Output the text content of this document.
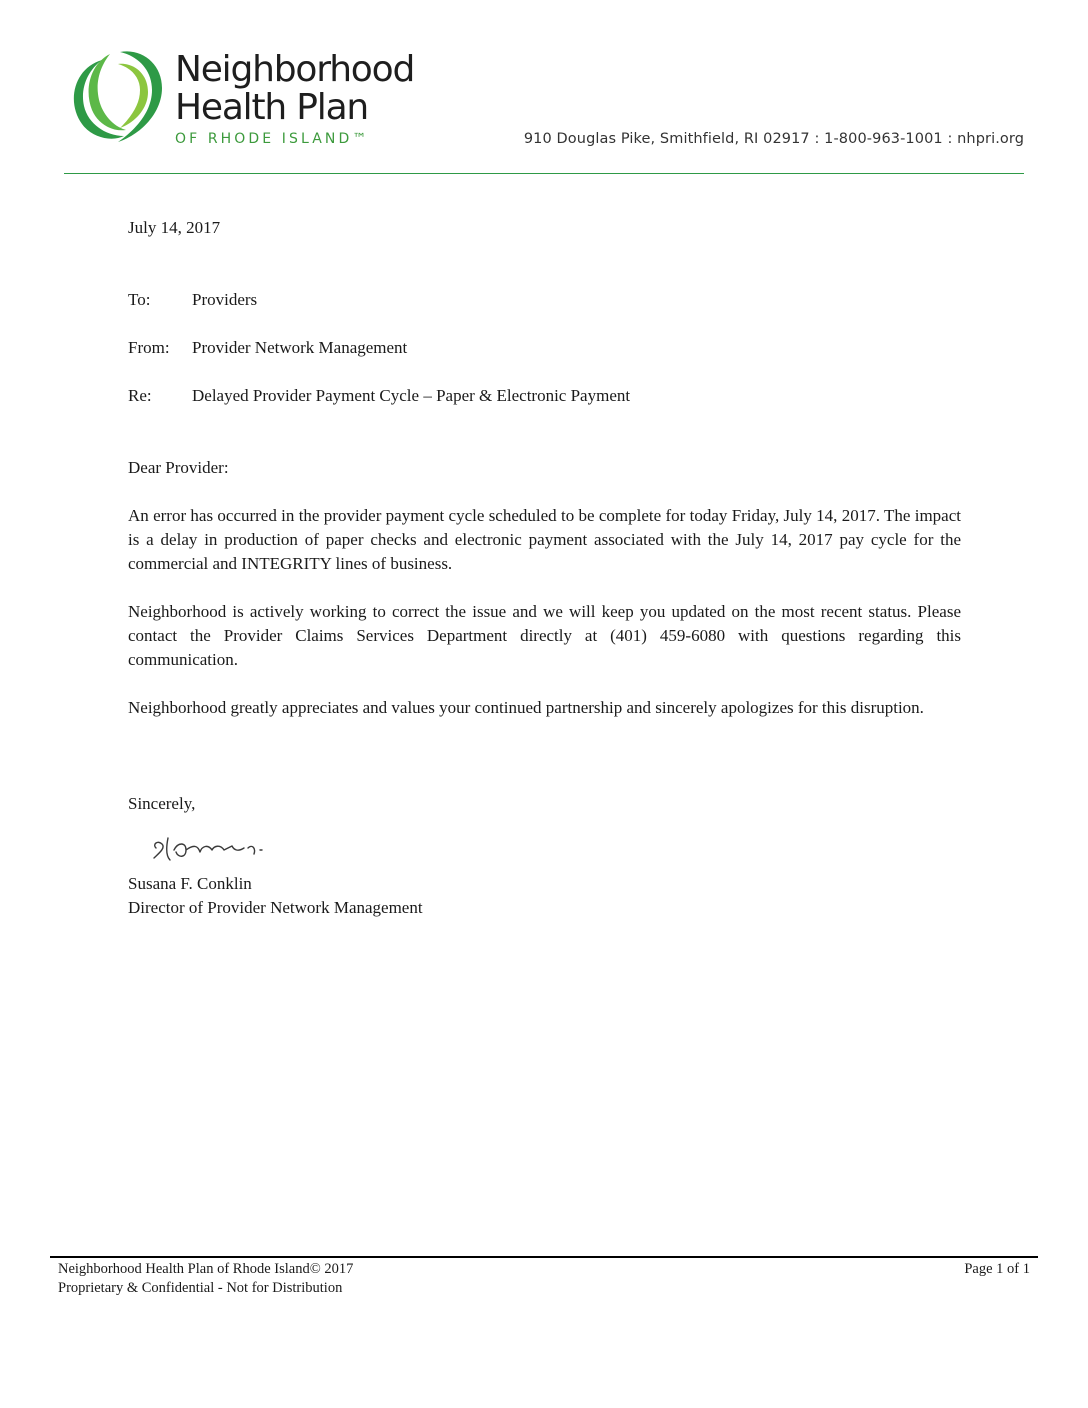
Neighborhood
Health Plan
OF RHODE ISLAND™	910 Douglas Pike, Smithfield, RI 02917 : 1-800-963-1001 : nhpri.org
July 14, 2017
To: Providers
From: Provider Network Management
Re: Delayed Provider Payment Cycle – Paper & Electronic Payment
Dear Provider:
An error has occurred in the provider payment cycle scheduled to be complete for today Friday, July 14, 2017. The impact is a delay in production of paper checks and electronic payment associated with the July 14, 2017 pay cycle for the commercial and INTEGRITY lines of business.
Neighborhood is actively working to correct the issue and we will keep you updated on the most recent status. Please contact the Provider Claims Services Department directly at (401) 459-6080 with questions regarding this communication.
Neighborhood greatly appreciates and values your continued partnership and sincerely apologizes for this disruption.
Sincerely,
Susana F. Conklin
Director of Provider Network Management
Neighborhood Health Plan of Rhode Island© 2017
Proprietary & Confidential - Not for Distribution
Page 1 of 1
